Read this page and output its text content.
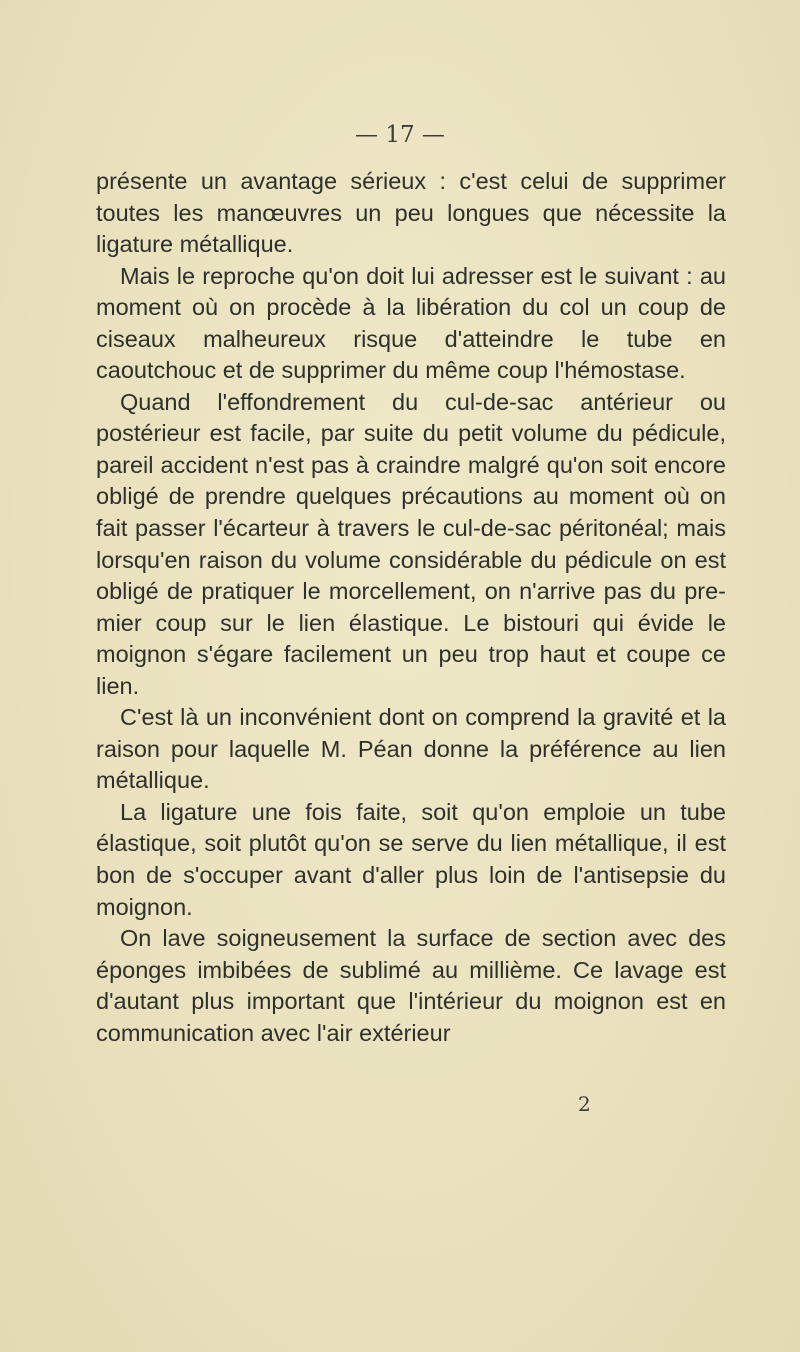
— 17 —

présente un avantage sérieux : c'est celui de supprimer toutes les manœuvres un peu longues que nécessite la ligature métallique.

Mais le reproche qu'on doit lui adresser est le suivant : au moment où on procède à la libération du col un coup de ciseaux malheureux risque d'atteindre le tube en caoutchouc et de supprimer du même coup l'hémostase.

Quand l'effondrement du cul-de-sac antérieur ou postérieur est facile, par suite du petit volume du pédicule, pareil accident n'est pas à craindre malgré qu'on soit encore obligé de prendre quelques précautions au moment où on fait passer l'écarteur à travers le cul-de-sac péritonéal; mais lorsqu'en raison du volume considérable du pédicule on est obligé de pratiquer le morcellement, on n'arrive pas du premier coup sur le lien élastique. Le bistouri qui évide le moignon s'égare facilement un peu trop haut et coupe ce lien.

C'est là un inconvénient dont on comprend la gravité et la raison pour laquelle M. Péan donne la préférence au lien métallique.

La ligature une fois faite, soit qu'on emploie un tube élastique, soit plutôt qu'on se serve du lien métallique, il est bon de s'occuper avant d'aller plus loin de l'antisepsie du moignon.

On lave soigneusement la surface de section avec des éponges imbibées de sublimé au millième. Ce lavage est d'autant plus important que l'intérieur du moignon est en communication avec l'air extérieur

2
